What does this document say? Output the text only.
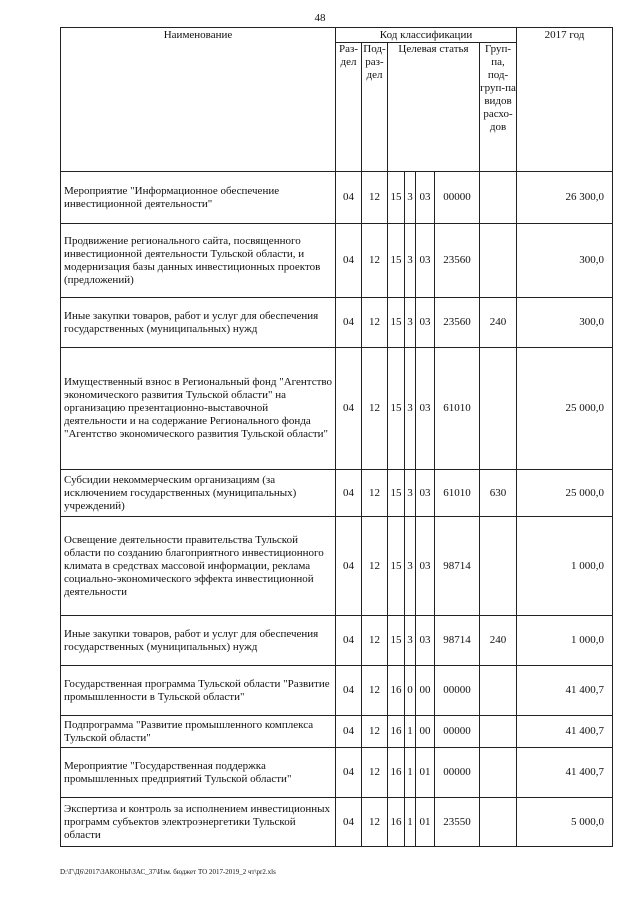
48
Наименование	Код классификации							2017 год
	Раз-дел	Под-раз-дел	Целевая статья				Груп-па, под-груп-па видов расхо-дов	
Мероприятие "Информационное обеспечение инвестиционной деятельности"	04	12	15	3	03	00000		26 300,0
Продвижение регионального сайта, посвященного инвестиционной деятельности Тульской области, и модернизация базы данных инвестиционных проектов (предложений)	04	12	15	3	03	23560		300,0
Иные закупки товаров, работ и услуг для обеспечения государственных (муниципальных) нужд	04	12	15	3	03	23560	240	300,0
Имущественный взнос в Региональный фонд "Агентство экономического развития Тульской области" на организацию презентационно-выставочной деятельности и на содержание Регионального фонда "Агентство экономического развития Тульской области"	04	12	15	3	03	61010		25 000,0
Субсидии некоммерческим организациям (за исключением государственных (муниципальных) учреждений)	04	12	15	3	03	61010	630	25 000,0
Освещение деятельности правительства Тульской области по созданию благоприятного инвестиционного климата в средствах массовой информации, реклама социально-экономического эффекта инвестиционной деятельности	04	12	15	3	03	98714		1 000,0
Иные закупки товаров, работ и услуг для обеспечения государственных (муниципальных) нужд	04	12	15	3	03	98714	240	1 000,0
Государственная программа Тульской области "Развитие промышленности в Тульской области"	04	12	16	0	00	00000		41 400,7
Подпрограмма "Развитие промышленного комплекса Тульской области"	04	12	16	1	00	00000		41 400,7
Мероприятие "Государственная поддержка промышленных предприятий Тульской области"	04	12	16	1	01	00000		41 400,7
Экспертиза и контроль за исполнением инвестиционных программ субъектов электроэнергетики Тульской области	04	12	16	1	01	23550		5 000,0
D:\Г\Д6\2017\ЗАКОНЫ\ЗАС_37\Изм. бюджет ТО 2017-2019_2 чт\рr2.xls
